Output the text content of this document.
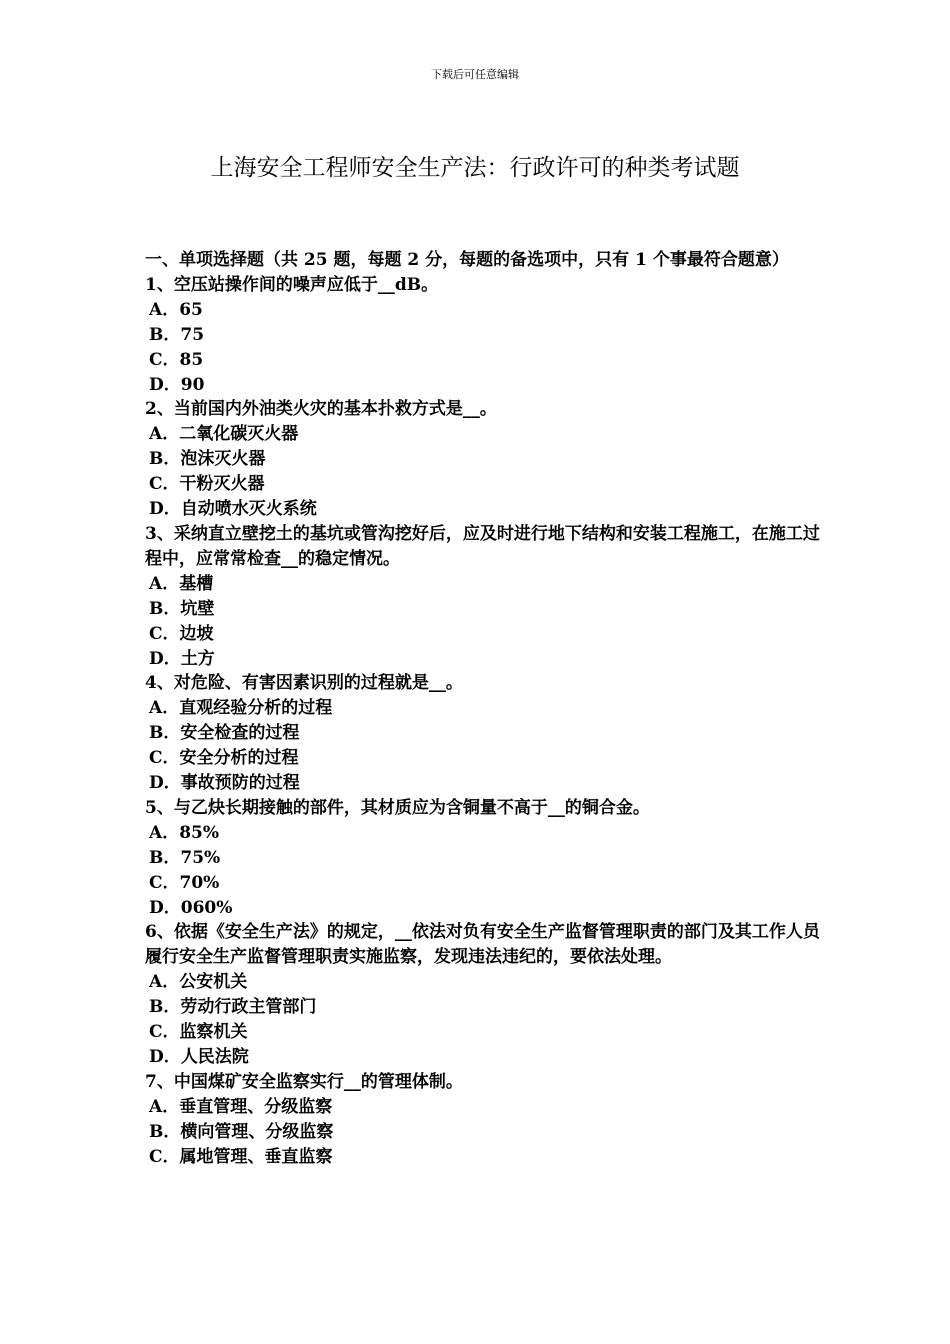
下载后可任意编辑
上海安全工程师安全生产法：行政许可的种类考试题
一、单项选择题（共 25 题，每题 2 分，每题的备选项中，只有 1 个事最符合题意）
1、空压站操作间的噪声应低于__dB。
A．65
B．75
C．85
D．90
2、当前国内外油类火灾的基本扑救方式是__。
A．二氧化碳灭火器
B．泡沫灭火器
C．干粉灭火器
D．自动喷水灭火系统
3、采纳直立壁挖土的基坑或管沟挖好后，应及时进行地下结构和安装工程施工，在施工过程中，应常常检查__的稳定情况。
A．基槽
B．坑壁
C．边坡
D．土方
4、对危险、有害因素识别的过程就是__。
A．直观经验分析的过程
B．安全检查的过程
C．安全分析的过程
D．事故预防的过程
5、与乙炔长期接触的部件，其材质应为含铜量不高于__的铜合金。
A．85%
B．75%
C．70%
D．060%
6、依据《安全生产法》的规定，__依法对负有安全生产监督管理职责的部门及其工作人员履行安全生产监督管理职责实施监察，发现违法违纪的，要依法处理。
A．公安机关
B．劳动行政主管部门
C．监察机关
D．人民法院
7、中国煤矿安全监察实行__的管理体制。
A．垂直管理、分级监察
B．横向管理、分级监察
C．属地管理、垂直监察
